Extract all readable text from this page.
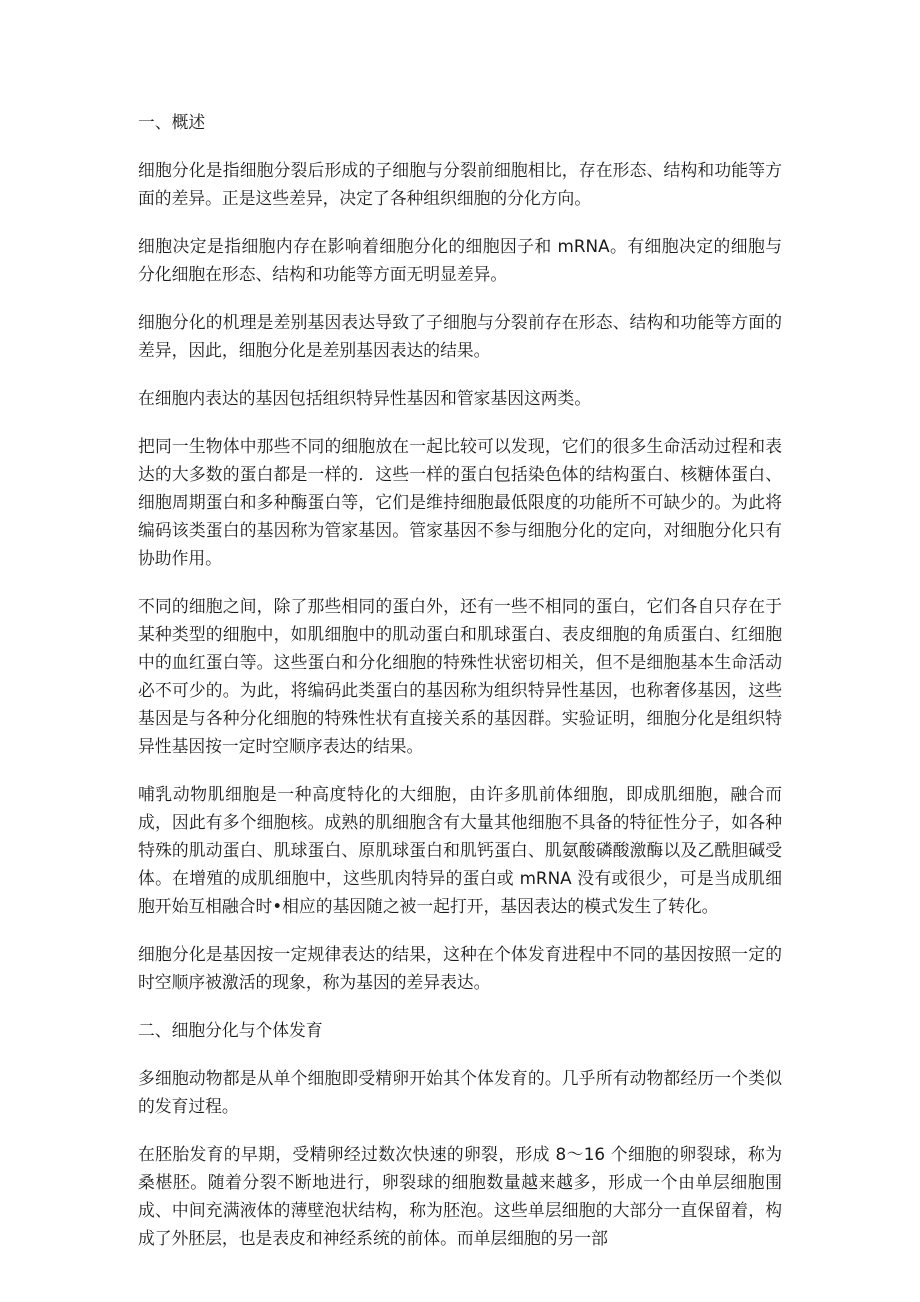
一、概述

细胞分化是指细胞分裂后形成的子细胞与分裂前细胞相比，存在形态、结构和功能等方面的差异。正是这些差异，决定了各种组织细胞的分化方向。

细胞决定是指细胞内存在影响着细胞分化的细胞因子和 mRNA。有细胞决定的细胞与分化细胞在形态、结构和功能等方面无明显差异。

细胞分化的机理是差别基因表达导致了子细胞与分裂前存在形态、结构和功能等方面的差异，因此，细胞分化是差别基因表达的结果。

在细胞内表达的基因包括组织特异性基因和管家基因这两类。

把同一生物体中那些不同的细胞放在一起比较可以发现，它们的很多生命活动过程和表达的大多数的蛋白都是一样的．这些一样的蛋白包括染色体的结构蛋白、核糖体蛋白、细胞周期蛋白和多种酶蛋白等，它们是维持细胞最低限度的功能所不可缺少的。为此将编码该类蛋白的基因称为管家基因。管家基因不参与细胞分化的定向，对细胞分化只有协助作用。

不同的细胞之间，除了那些相同的蛋白外，还有一些不相同的蛋白，它们各自只存在于某种类型的细胞中，如肌细胞中的肌动蛋白和肌球蛋白、表皮细胞的角质蛋白、红细胞中的血红蛋白等。这些蛋白和分化细胞的特殊性状密切相关，但不是细胞基本生命活动必不可少的。为此，将编码此类蛋白的基因称为组织特异性基因，也称奢侈基因，这些基因是与各种分化细胞的特殊性状有直接关系的基因群。实验证明，细胞分化是组织特异性基因按一定时空顺序表达的结果。

哺乳动物肌细胞是一种高度特化的大细胞，由许多肌前体细胞，即成肌细胞，融合而成，因此有多个细胞核。成熟的肌细胞含有大量其他细胞不具备的特征性分子，如各种特殊的肌动蛋白、肌球蛋白、原肌球蛋白和肌钙蛋白、肌氨酸磷酸激酶以及乙酰胆碱受体。在增殖的成肌细胞中，这些肌肉特异的蛋白或 mRNA 没有或很少，可是当成肌细胞开始互相融合时•相应的基因随之被一起打开，基因表达的模式发生了转化。

细胞分化是基因按一定规律表达的结果，这种在个体发育进程中不同的基因按照一定的时空顺序被激活的现象，称为基因的差异表达。

二、细胞分化与个体发育

多细胞动物都是从单个细胞即受精卵开始其个体发育的。几乎所有动物都经历一个类似的发育过程。

在胚胎发育的早期，受精卵经过数次快速的卵裂，形成 8～16 个细胞的卵裂球，称为桑椹胚。随着分裂不断地进行，卵裂球的细胞数量越来越多，形成一个由单层细胞围成、中间充满液体的薄壁泡状结构，称为胚泡。这些单层细胞的大部分一直保留着，构成了外胚层，也是表皮和神经系统的前体。而单层细胞的另一部
